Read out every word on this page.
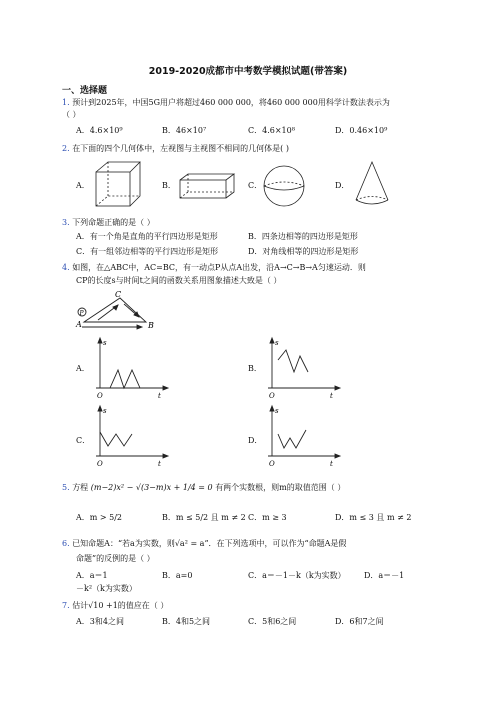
2019-2020成都市中考数学模拟试题(带答案)
一、选择题
1. 预计到2025年，中国5G用户将超过460 000 000，将460 000 000用科学计数法表示为
（ ）
A．4.6×10⁹	B．46×10⁷	C．4.6×10⁸	D．0.46×10⁹
2. 在下面的四个几何体中，左视图与主视图不相同的几何体是( )
A．	B．	C．	D．
3. 下列命题正确的是（ ）
A．有一个角是直角的平行四边形是矩形	B．四条边相等的四边形是矩形
C．有一组邻边相等的平行四边形是矩形	D．对角线相等的四边形是矩形
4. 如图，在△ABC中，AC=BC，有一动点P从点A出发，沿A→C→B→A匀速运动．则
CP的长度s与时间t之间的函数关系用图象描述大致是（ ）
C
P
A	B
A．	B．
C．	D．
s
t
O
s
t
O
s
t
O
s
t
O
5. 方程 (m−2)x² − √(3−m)x + 1/4 = 0 有两个实数根，则m的取值范围（ ）
A．m > 5/2	B．m ≤ 5/2 且 m ≠ 2 C．m ≥ 3	D．m ≤ 3 且 m ≠ 2
6. 已知命题A：“若a为实数，则√a² = a”．在下列选项中，可以作为“命题A是假
命题”的反例的是（ ）
A．a＝1	B．a=0	C．a＝－1－k（k为实数） D．a＝－1
－k²（k为实数）
7. 估计√10 +1的值应在（ ）
A．3和4之间	B．4和5之间	C．5和6之间	D．6和7之间
